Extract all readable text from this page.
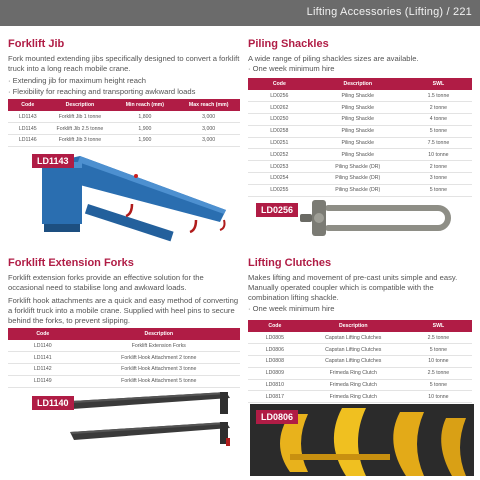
Lifting Accessories (Lifting) / 221
Forklift Jib
Fork mounted extending jibs specifically designed to convert a forklift truck into a long reach mobile crane.
· Extending jib for maximum height reach
· Flexibility for reaching and transporting awkward loads
Code	Description	Min reach (mm)	Max reach (mm)
LD1143	Forklift Jib 1 tonne	1,800	3,000
LD1145	Forklift Jib 2.5 tonne	1,900	3,000
LD1146	Forklift Jib 3 tonne	1,900	3,000
LD1143
Piling Shackles
A wide range of piling shackles sizes are available.
· One week minimum hire
Code	Description	SWL
LD0256	Piling Shackle	1.5 tonne
LD0262	Piling Shackle	2 tonne
LD0250	Piling Shackle	4 tonne
LD0258	Piling Shackle	5 tonne
LD0251	Piling Shackle	7.5 tonne
LD0252	Piling Shackle	10 tonne
LD0253	Piling Shackle (DR)	2 tonne
LD0254	Piling Shackle (DR)	3 tonne
LD0255	Piling Shackle (DR)	5 tonne
LD0256
Forklift Extension Forks
Forklift extension forks provide an effective solution for the occasional need to stabilise long and awkward loads.
Forklift hook attachments are a quick and easy method of converting a forklift truck into a mobile crane. Supplied with heel pins to secure behind the forks, to prevent slipping.
Code	Description
LD1140	Forklift Extension Forks
LD1141	Forklift Hook Attachment 2 tonne
LD1142	Forklift Hook Attachment 3 tonne
LD1149	Forklift Hook Attachment 5 tonne
LD1140
Lifting Clutches
Makes lifting and movement of pre-cast units simple and easy. Manually operated coupler which is compatible with the combination lifting shackle.
· One week minimum hire
Code	Description	SWL
LD0805	Capstan Lifting Clutches	2.5 tonne
LD0806	Capstan Lifting Clutches	5 tonne
LD0808	Capstan Lifting Clutches	10 tonne
LD0809	Frimeda Ring Clutch	2.5 tonne
LD0810	Frimeda Ring Clutch	5 tonne
LD0817	Frimeda Ring Clutch	10 tonne
LD0806
